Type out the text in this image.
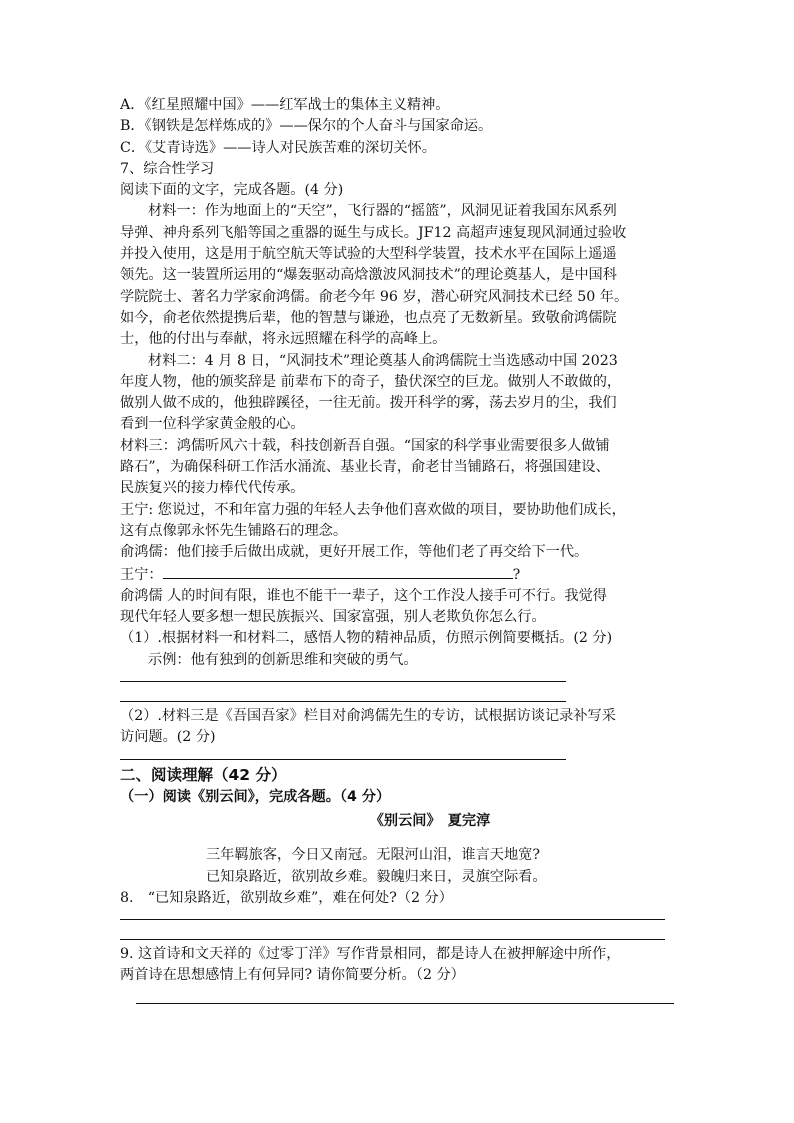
A．《红星照耀中国》——红军战士的集体主义精神。

B．《钢铁是怎样炼成的》——保尔的个人奋斗与国家命运。

C．《艾青诗选》——诗人对民族苦难的深切关怀。

7、综合性学习

阅读下面的文字，完成各题。(4 分)

材料一：作为地面上的“天空”，飞行器的“摇篮”，风洞见证着我国东风系列

导弹、神舟系列飞船等国之重器的诞生与成长。JF12 高超声速复现风洞通过验收

并投入使用，这是用于航空航天等试验的大型科学装置，技术水平在国际上遥遥

领先。这一装置所运用的“爆轰驱动高焓激波风洞技术”的理论奠基人，是中国科

学院院士、著名力学家俞鸿儒。俞老今年 96 岁，潜心研究风洞技术已经 50 年。

如今，俞老依然提携后辈，他的智慧与谦逊，也点亮了无数新星。致敬俞鸿儒院

士，他的付出与奉献，将永远照耀在科学的高峰上。

材料二：4 月 8 日，“风洞技术”理论奠基人俞鸿儒院士当选感动中国 2023

年度人物，他的颁奖辞是 前辈布下的奇子，蛰伏深空的巨龙。做别人不敢做的，

做别人做不成的，他独辟蹊径，一往无前。拨开科学的雾，荡去岁月的尘，我们

看到一位科学家黄金般的心。

材料三：鸿儒听风六十载，科技创新吾自强。“国家的科学事业需要很多人做铺

路石”，为确保科研工作活水涌流、基业长青，俞老甘当铺路石，将强国建设、

民族复兴的接力棒代代传承。

王宁: 您说过，不和年富力强的年轻人去争他们喜欢做的项目，要协助他们成长，

这有点像郭永怀先生铺路石的理念。

俞鸿儒：他们接手后做出成就，更好开展工作，等他们老了再交给下一代。

王宁：	?

俞鸿儒 人的时间有限，谁也不能干一辈子，这个工作没人接手可不行。我觉得

现代年轻人要多想一想民族振兴、国家富强，别人老欺负你怎么行。

（1）.根据材料一和材料二，感悟人物的精神品质，仿照示例简要概括。(2 分)

示例：他有独到的创新思维和突破的勇气。

（2）.材料三是《吾国吾家》栏目对俞鸿儒先生的专访，试根据访谈记录补写采

访问题。(2 分)

二、阅读理解（42 分）

（一）阅读《别云间》，完成各题。（4 分）

《别云间》　夏完淳

三年羁旅客，今日又南冠。无限河山泪，谁言天地宽?

已知泉路近，欲别故乡难。毅魄归来日，灵旗空际看。

8.　“已知泉路近，欲别故乡难”，难在何处?（2 分）

9. 这首诗和文天祥的《过零丁洋》写作背景相同，都是诗人在被押解途中所作，

两首诗在思想感情上有何异同? 请你简要分析。（2 分）
